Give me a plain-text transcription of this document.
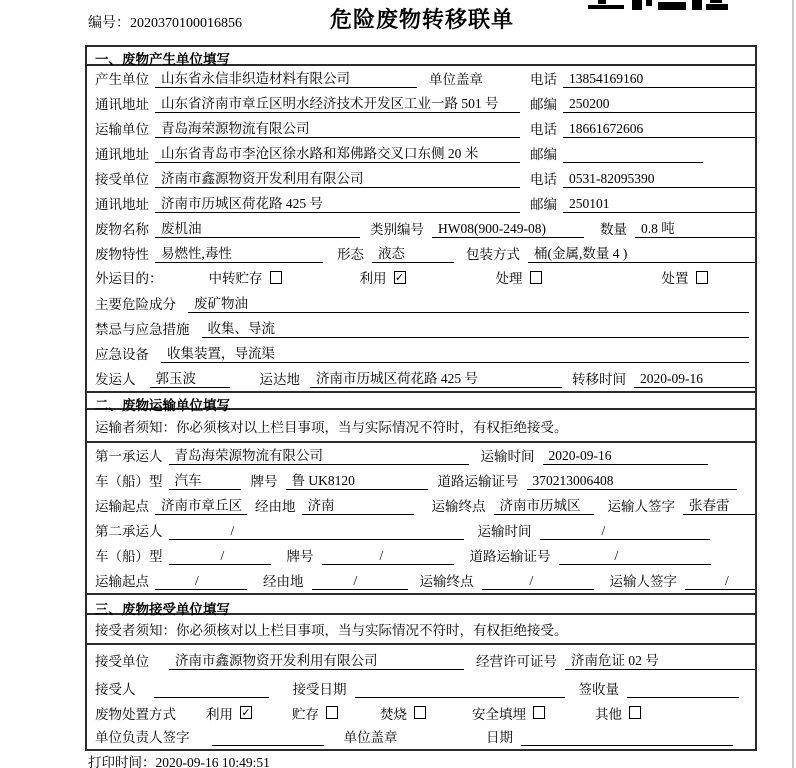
编号：2020370100016856	危险废物转移联单
一、废物产生单位填写
产生单位 山东省永信非织造材料有限公司	单位盖章	电话 13854169160
通讯地址 山东省济南市章丘区明水经济技术开发区工业一路 501 号	邮编 250200
运输单位 青岛海荣源物流有限公司	电话 18661672606
通讯地址 山东省青岛市李沧区徐水路和郑佛路交叉口东侧 20 米	邮编
接受单位 济南市鑫源物资开发利用有限公司	电话 0531-82095390
通讯地址 济南市历城区荷花路 425 号	邮编 250101
废物名称 废机油	类别编号	HW08(900-249-08)	数量	0.8 吨
废物特性 易燃性,毒性	形态	液态	包装方式	桶(金属,数量 4 )
外运目的：	中转贮存	利用 ✓	处理	处置
主要危险成分	废矿物油
禁忌与应急措施	收集、导流
应急设备	收集装置，导流渠
发运人	郭玉波	运达地	济南市历城区荷花路 425 号	转移时间	2020-09-16
二、废物运输单位填写
运输者须知：你必须核对以上栏目事项，当与实际情况不符时，有权拒绝接受。
第一承运人 青岛海荣源物流有限公司	运输时间	2020-09-16
车（船）型 汽车	牌号	鲁 UK8120	道路运输证号	370213006408
运输起点 济南市章丘区 经由地 济南	运输终点	济南市历城区	运输人签字	张春雷
第二承运人	/	运输时间	/
车（船）型	/	牌号	/	道路运输证号	/
运输起点	/	经由地	/	运输终点	/	运输人签字	/
三、废物接受单位填写
接受者须知：你必须核对以上栏目事项，当与实际情况不符时，有权拒绝接受。
接受单位	济南市鑫源物资开发利用有限公司	经营许可证号	济南危证 02 号
接受人	接受日期	签收量
废物处置方式 利用 ✓	贮存	焚烧	安全填埋	其他
单位负责人签字	单位盖章	日期
打印时间：2020-09-16 10:49:51
